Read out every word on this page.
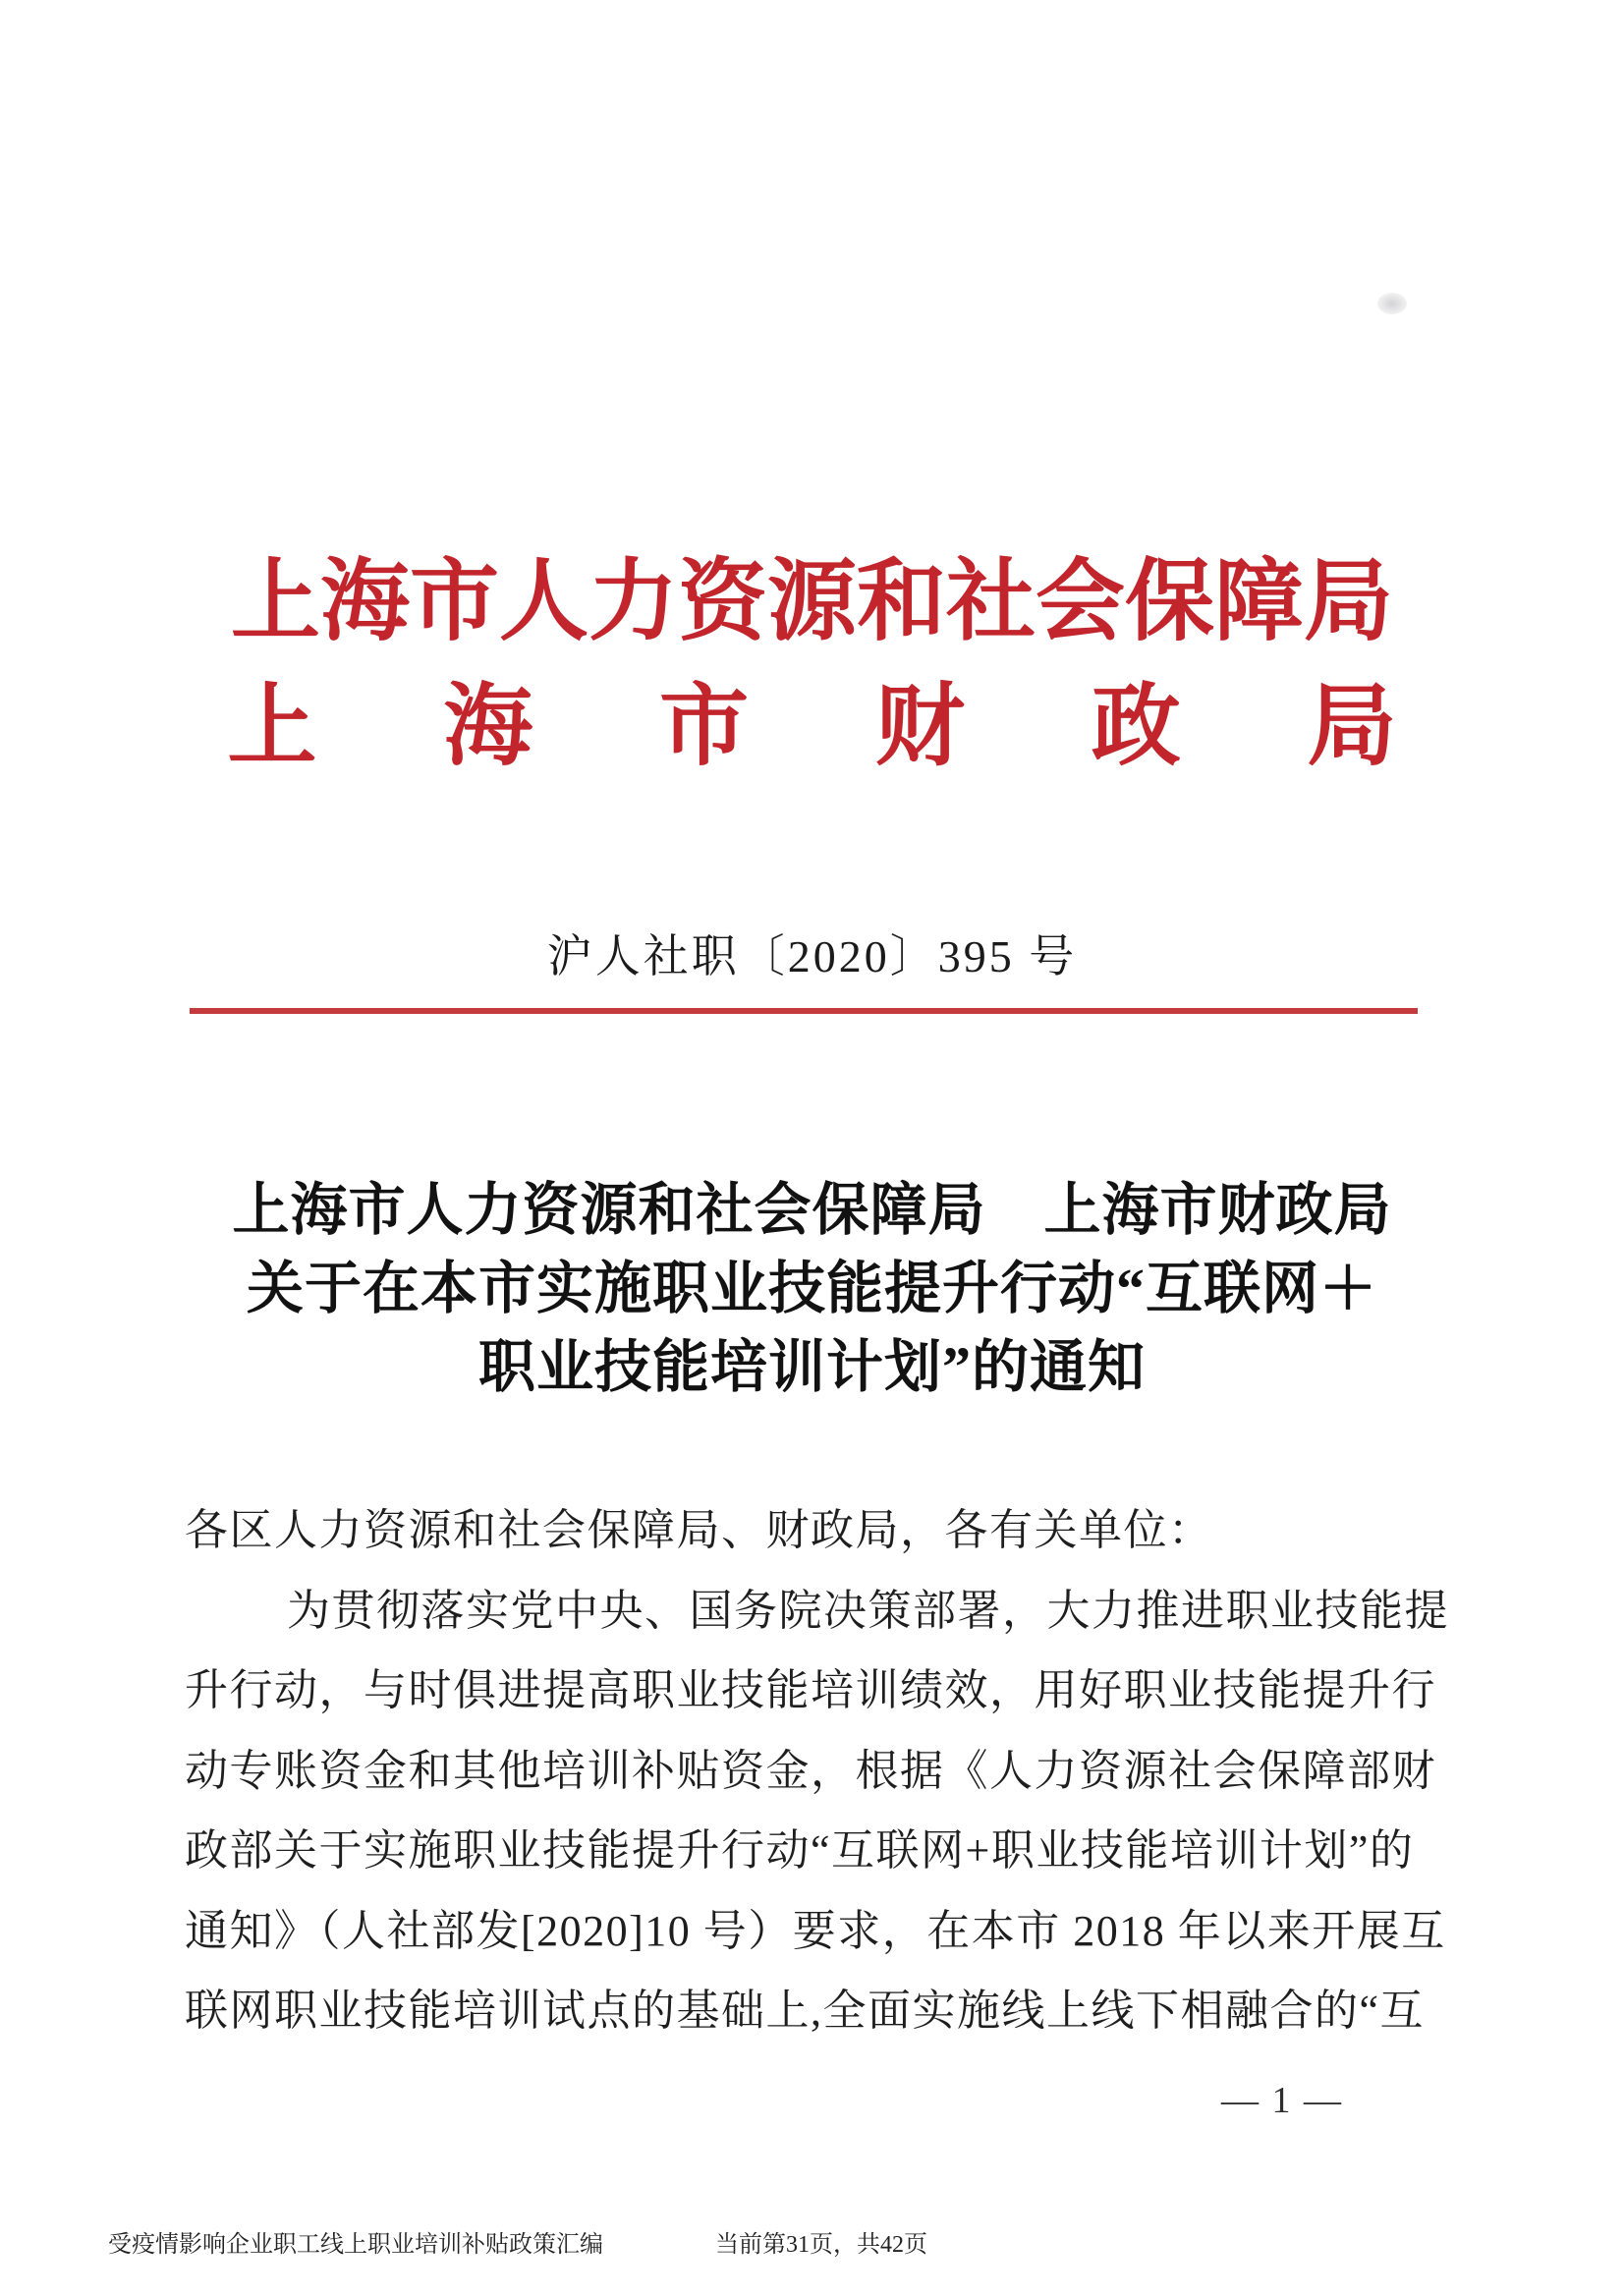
上海市人力资源和社会保障局
上 海 市 财 政 局
沪人社职〔2020〕395 号
上海市人力资源和社会保障局　上海市财政局
关于在本市实施职业技能提升行动“互联网＋
职业技能培训计划”的通知
各区人力资源和社会保障局、财政局，各有关单位：
为贯彻落实党中央、国务院决策部署，大力推进职业技能提
升行动，与时俱进提高职业技能培训绩效，用好职业技能提升行
动专账资金和其他培训补贴资金，根据《人力资源社会保障部财
政部关于实施职业技能提升行动“互联网+职业技能培训计划”的
通知》（人社部发[2020]10 号）要求，在本市 2018 年以来开展互
联网职业技能培训试点的基础上,全面实施线上线下相融合的“互
— 1 —
受疫情影响企业职工线上职业培训补贴政策汇编	当前第31页，共42页
